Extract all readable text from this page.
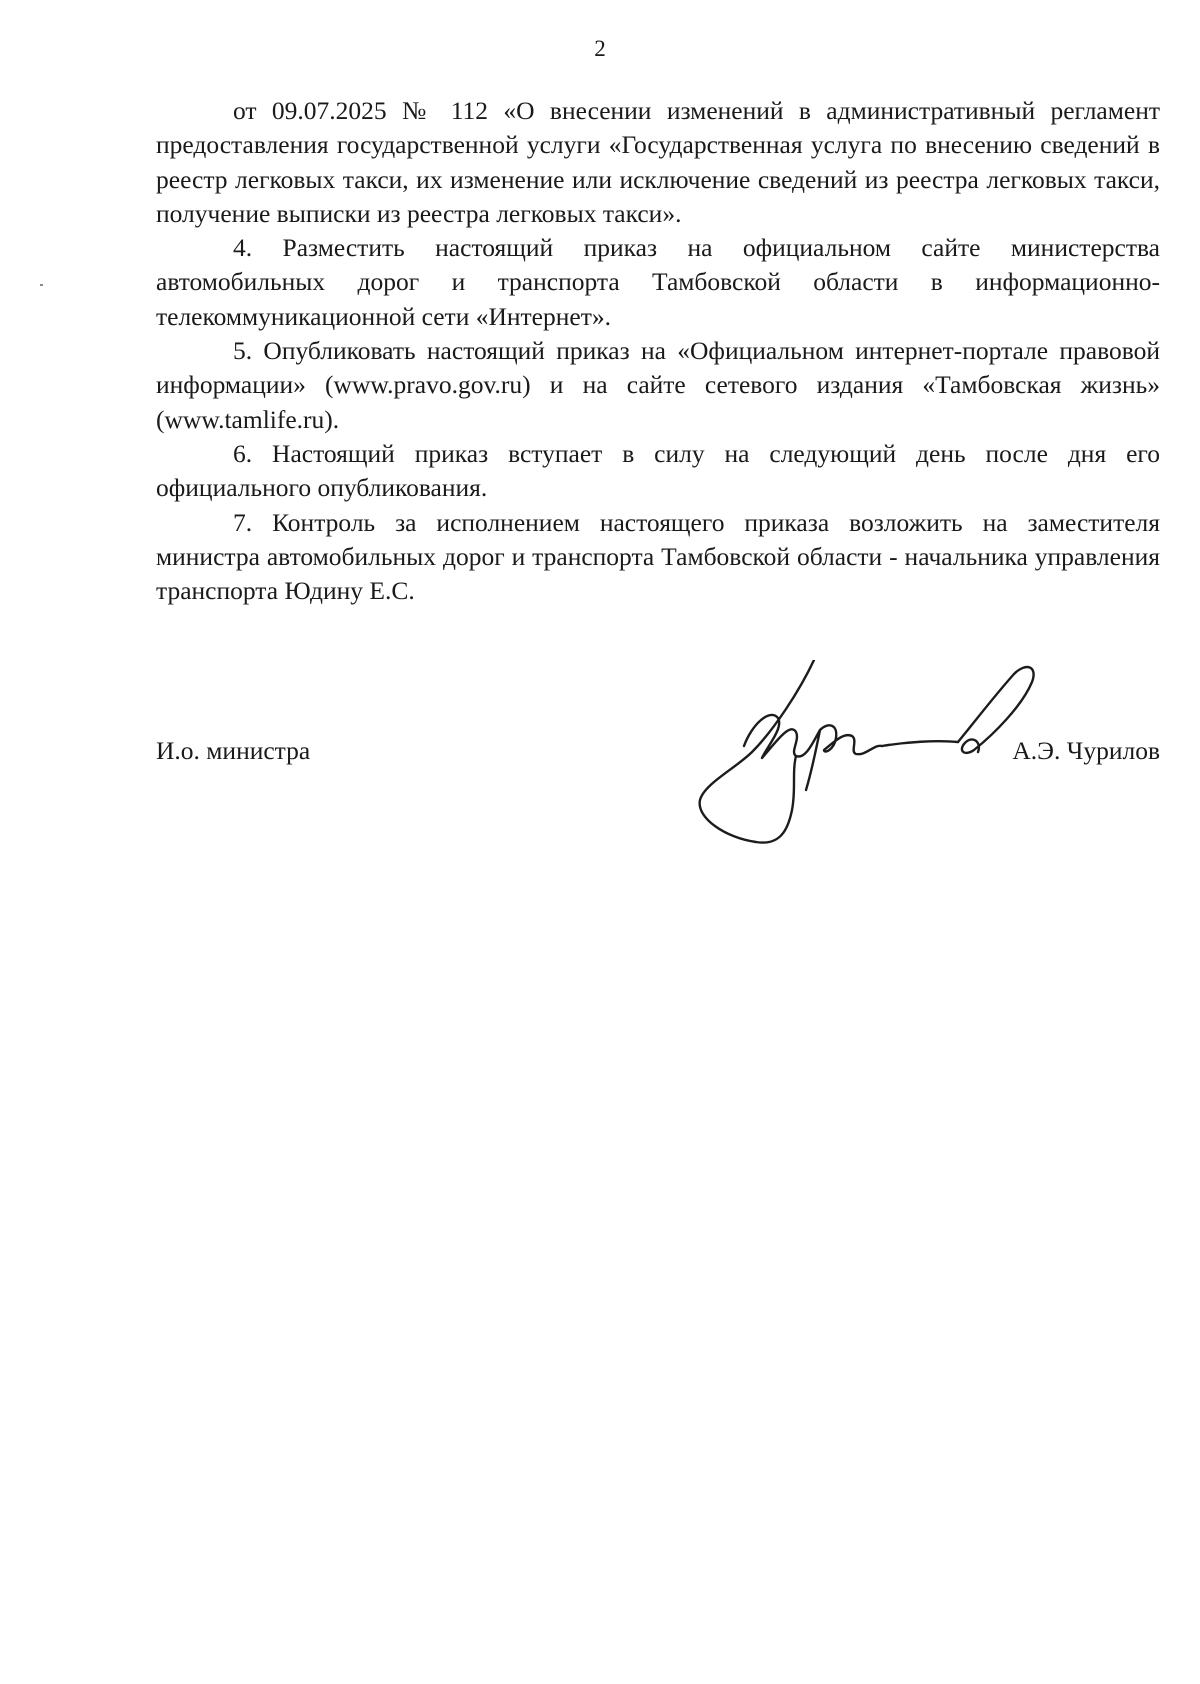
2

от 09.07.2025 № 112 «О внесении изменений в административный регламент предоставления государственной услуги «Государственная услуга по внесению сведений в реестр легковых такси, их изменение или исключение сведений из реестра легковых такси, получение выписки из реестра легковых такси».

4. Разместить настоящий приказ на официальном сайте министерства автомобильных дорог и транспорта Тамбовской области в информационно-телекоммуникационной сети «Интернет».

5. Опубликовать настоящий приказ на «Официальном интернет-портале правовой информации» (www.pravo.gov.ru) и на сайте сетевого издания «Тамбовская жизнь» (www.tamlife.ru).

6. Настоящий приказ вступает в силу на следующий день после дня его официального опубликования.

7. Контроль за исполнением настоящего приказа возложить на заместителя министра автомобильных дорог и транспорта Тамбовской области - начальника управления транспорта Юдину Е.С.

И.о. министра	А.Э. Чурилов
